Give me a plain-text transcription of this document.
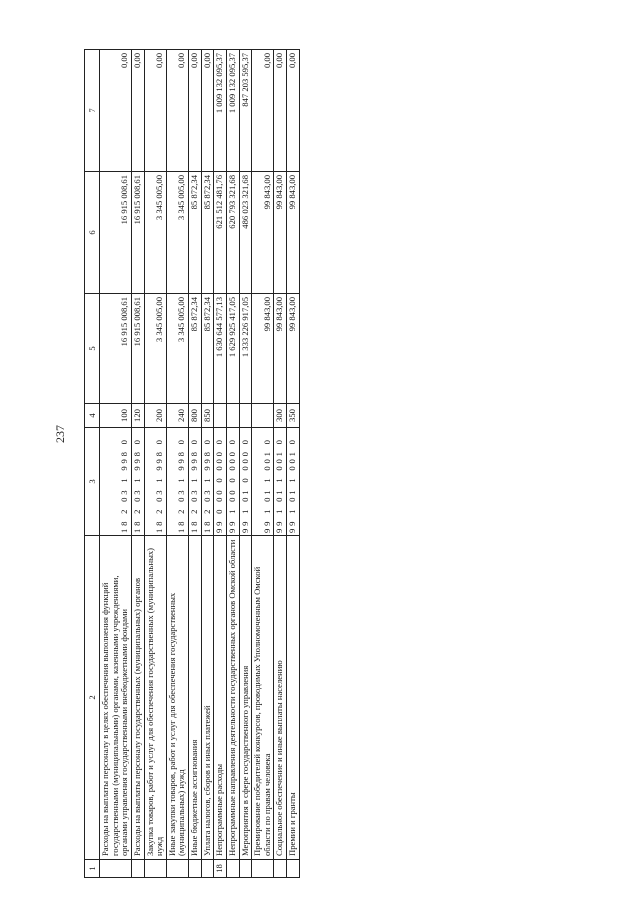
237
1	2	3	4	5	6	7
	Расходы на выплаты персоналу в целях обеспечения выполнения функций государственными (муниципальными) органами, казенными учреждениями, органами управления государственными внебюджетными фондами	18 2 03 1 998 0	100	16 915 008,61	16 915 008,61	0,00
	Расходы на выплаты персоналу государственных (муниципальных) органов	18 2 03 1 998 0	120	16 915 008,61	16 915 008,61	0,00
	Закупка товаров, работ и услуг для обеспечения государственных (муниципальных) нужд	18 2 03 1 998 0	200	3 345 005,00	3 345 005,00	0,00
	Иные закупки товаров, работ и услуг для обеспечения государственных (муниципальных) нужд	18 2 03 1 998 0	240	3 345 005,00	3 345 005,00	0,00
	Иные бюджетные ассигнования	18 2 03 1 998 0	800	85 872,34	85 872,34	0,00
	Уплата налогов, сборов и иных платежей	18 2 03 1 998 0	850	85 872,34	85 872,34	0,00
18	Непрограммные расходы	99 0 00 0 000 0		1 630 644 577,13	621 512 481,76	1 009 132 095,37
	Непрограммные направления деятельности государственных органов Омской области	99 1 00 0 000 0		1 629 925 417,05	620 793 321,68	1 009 132 095,37
	Мероприятия в сфере государственного управления	99 1 01 0 000 0		1 333 226 917,05	486 023 321,68	847 203 595,37
	Премирование победителей конкурсов, проводимых Уполномоченным Омской области по правам человека	99 1 01 1 001 0		99 843,00	99 843,00	0,00
	Социальное обеспечение и иные выплаты населению	99 1 01 1 001 0	300	99 843,00	99 843,00	0,00
	Премии и гранты	99 1 01 1 001 0	350	99 843,00	99 843,00	0,00
